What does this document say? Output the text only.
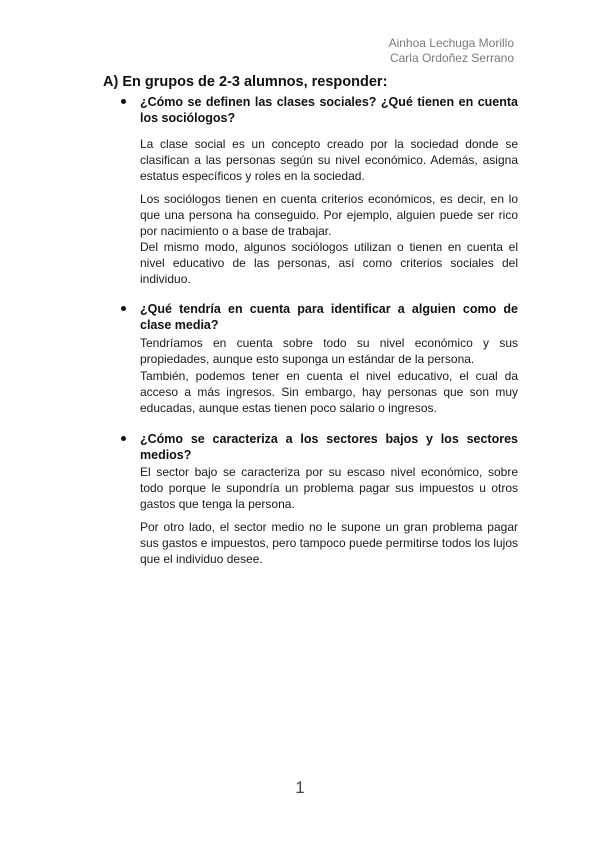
Ainhoa Lechuga Morillo
Carla Ordoñez Serrano
A) En grupos de 2-3 alumnos, responder:
¿Cómo se definen las clases sociales? ¿Qué tienen en cuenta los sociólogos?

La clase social es un concepto creado por la sociedad donde se clasifican a las personas según su nivel económico. Además, asigna estatus específicos y roles en la sociedad.

Los sociólogos tienen en cuenta criterios económicos, es decir, en lo que una persona ha conseguido. Por ejemplo, alguien puede ser rico por nacimiento o a base de trabajar.

Del mismo modo, algunos sociólogos utilizan o tienen en cuenta el nivel educativo de las personas, así como criterios sociales del individuo.

¿Qué tendría en cuenta para identificar a alguien como de clase media?

Tendríamos en cuenta sobre todo su nivel económico y sus propiedades, aunque esto suponga un estándar de la persona.

También, podemos tener en cuenta el nivel educativo, el cual da acceso a más ingresos. Sin embargo, hay personas que son muy educadas, aunque estas tienen poco salario o ingresos.

¿Cómo se caracteriza a los sectores bajos y los sectores medios?

El sector bajo se caracteriza por su escaso nivel económico, sobre todo porque le supondría un problema pagar sus impuestos u otros gastos que tenga la persona.

Por otro lado, el sector medio no le supone un gran problema pagar sus gastos e impuestos, pero tampoco puede permitirse todos los lujos que el individuo desee.

1
